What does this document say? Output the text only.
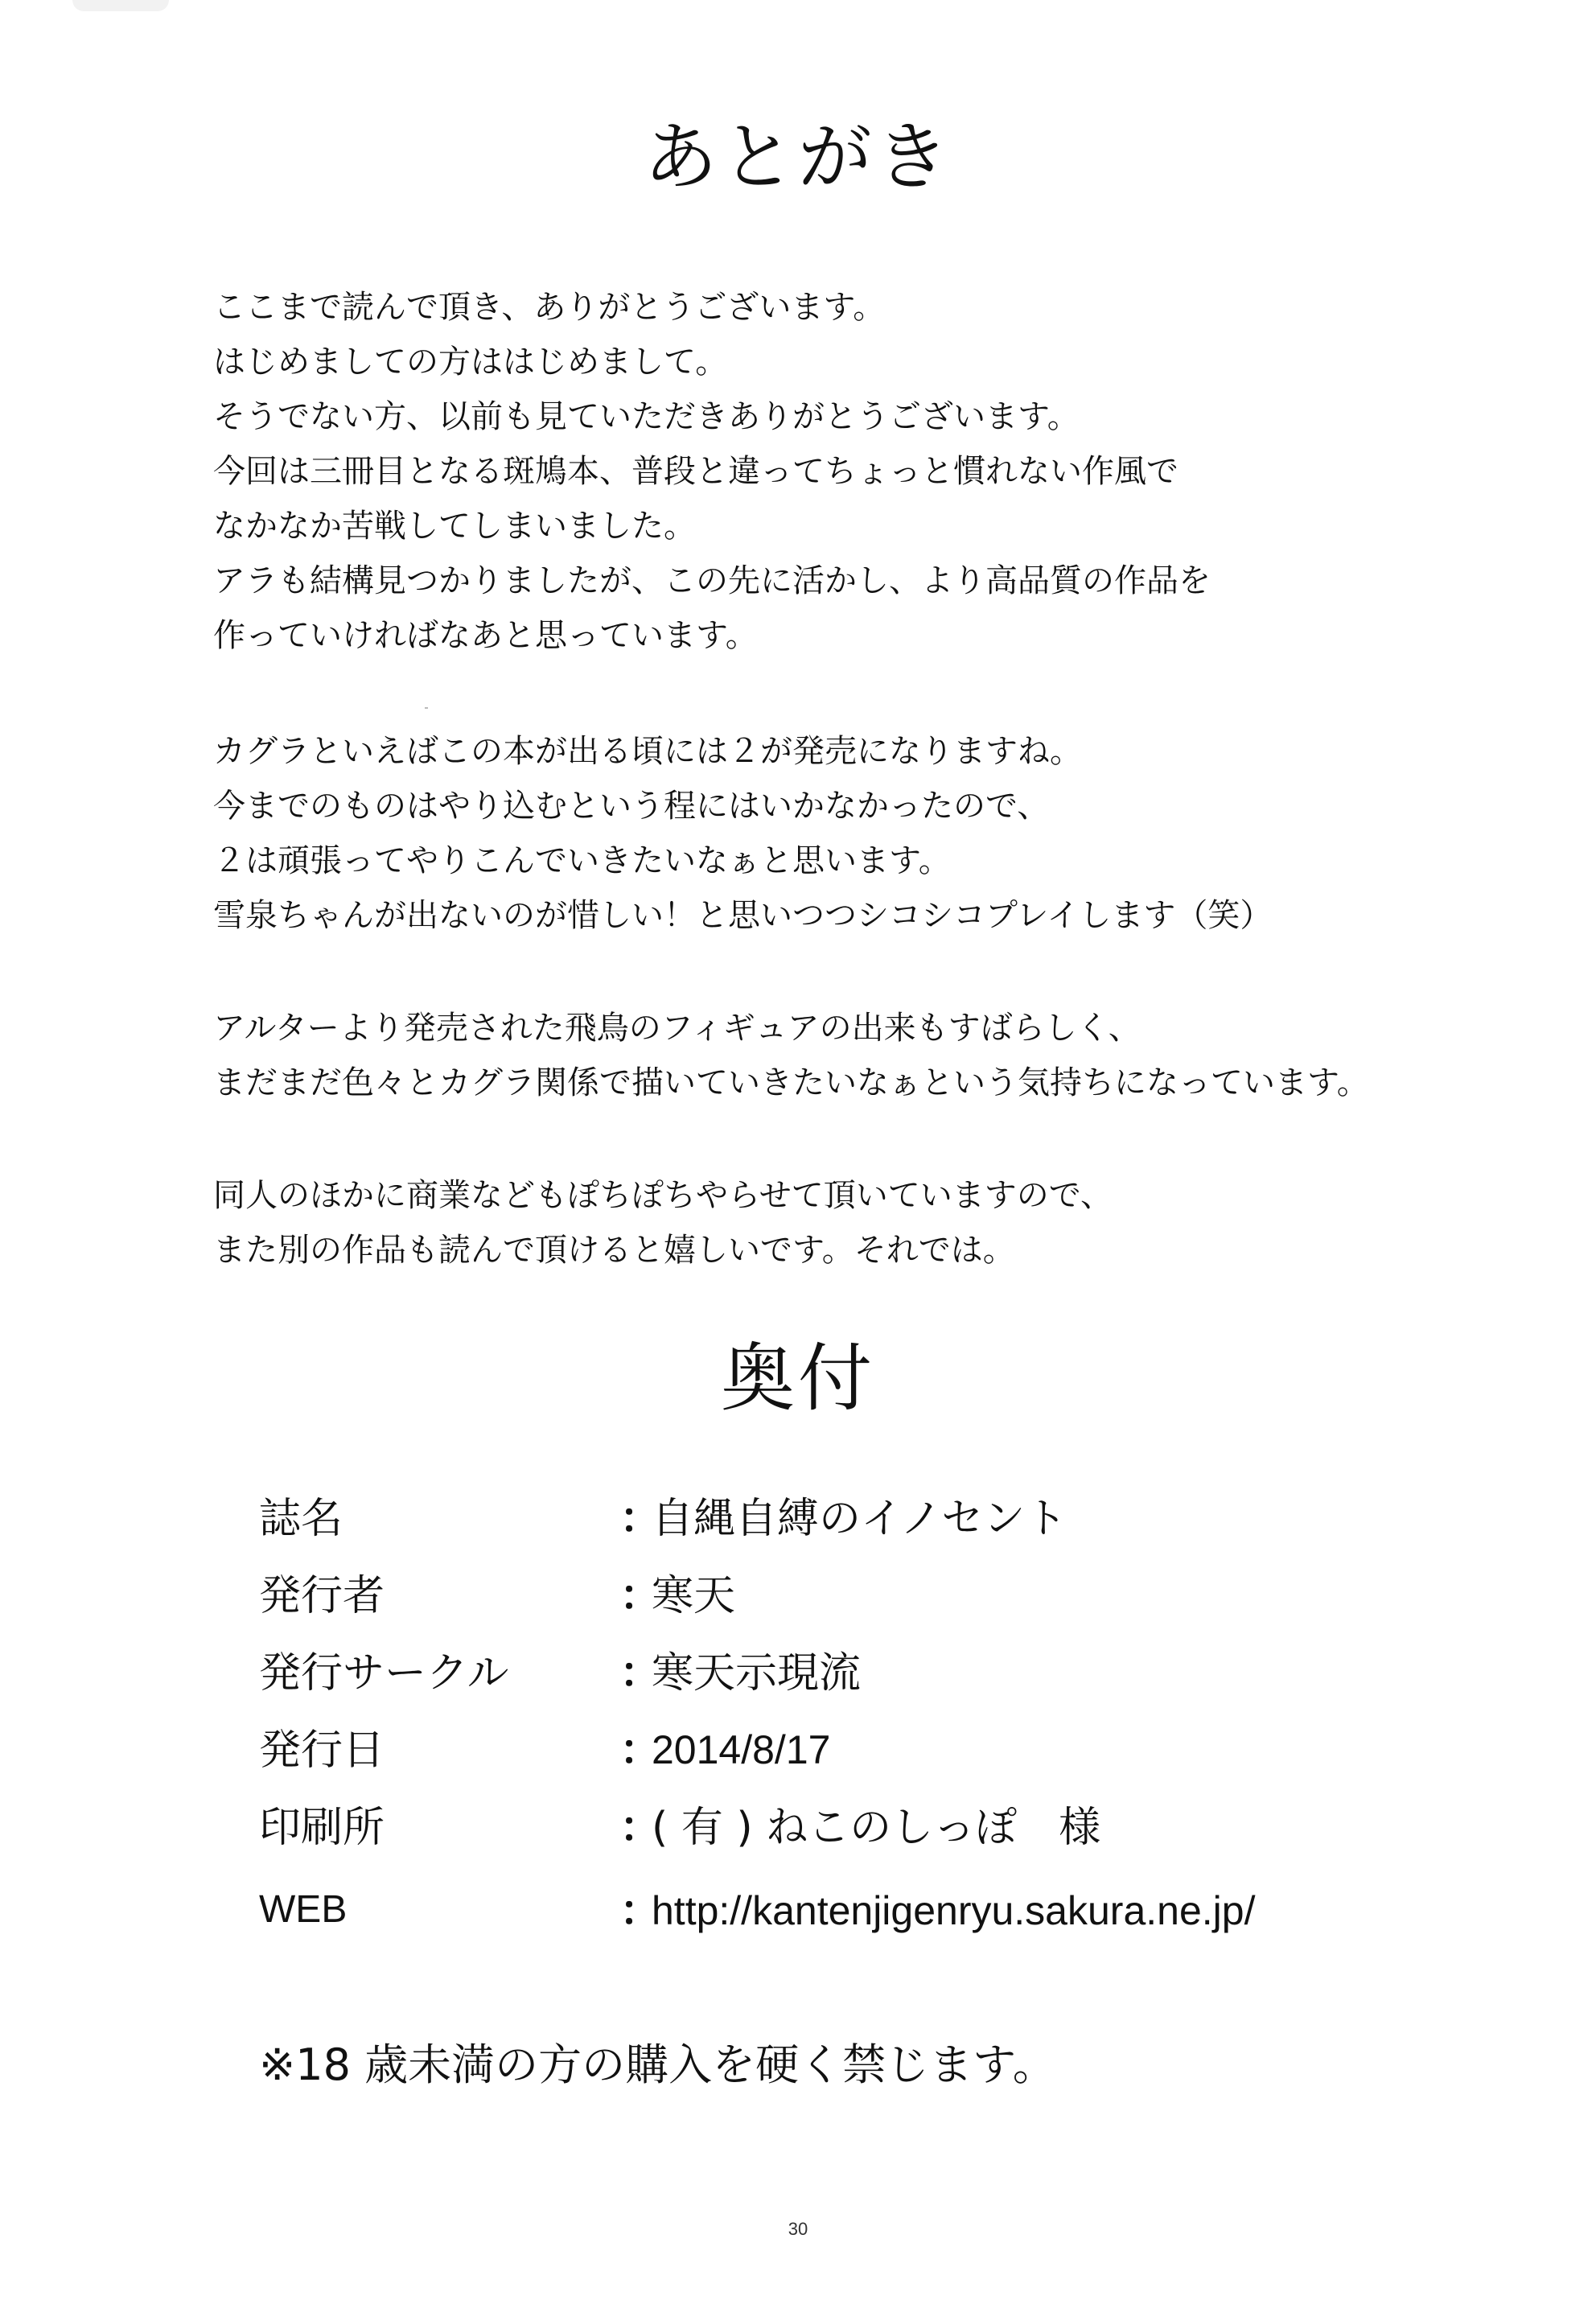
あとがき
ここまで読んで頂き、ありがとうございます。
はじめましての方ははじめまして。
そうでない方、以前も見ていただきありがとうございます。
今回は三冊目となる斑鳩本、普段と違ってちょっと慣れない作風で
なかなか苦戦してしまいました。
アラも結構見つかりましたが、この先に活かし、より高品質の作品を
作っていければなあと思っています。
カグラといえばこの本が出る頃には２が発売になりますね。
今までのものはやり込むという程にはいかなかったので、
２は頑張ってやりこんでいきたいなぁと思います。
雪泉ちゃんが出ないのが惜しい！と思いつつシコシコプレイします（笑）
アルターより発売された飛鳥のフィギュアの出来もすばらしく、
まだまだ色々とカグラ関係で描いていきたいなぁという気持ちになっています。
同人のほかに商業などもぽちぽちやらせて頂いていますので、
また別の作品も読んで頂けると嬉しいです。それでは。
奥付
誌名	：
自縄自縛のイノセント
発行者	：
寒天
発行サークル	：
寒天示現流
発行日	：
2014/8/17
印刷所	：
( 有 ) ねこのしっぽ　様
WEB	：
http://kantenjigenryu.sakura.ne.jp/

※18 歳未満の方の購入を硬く禁じます。

30
